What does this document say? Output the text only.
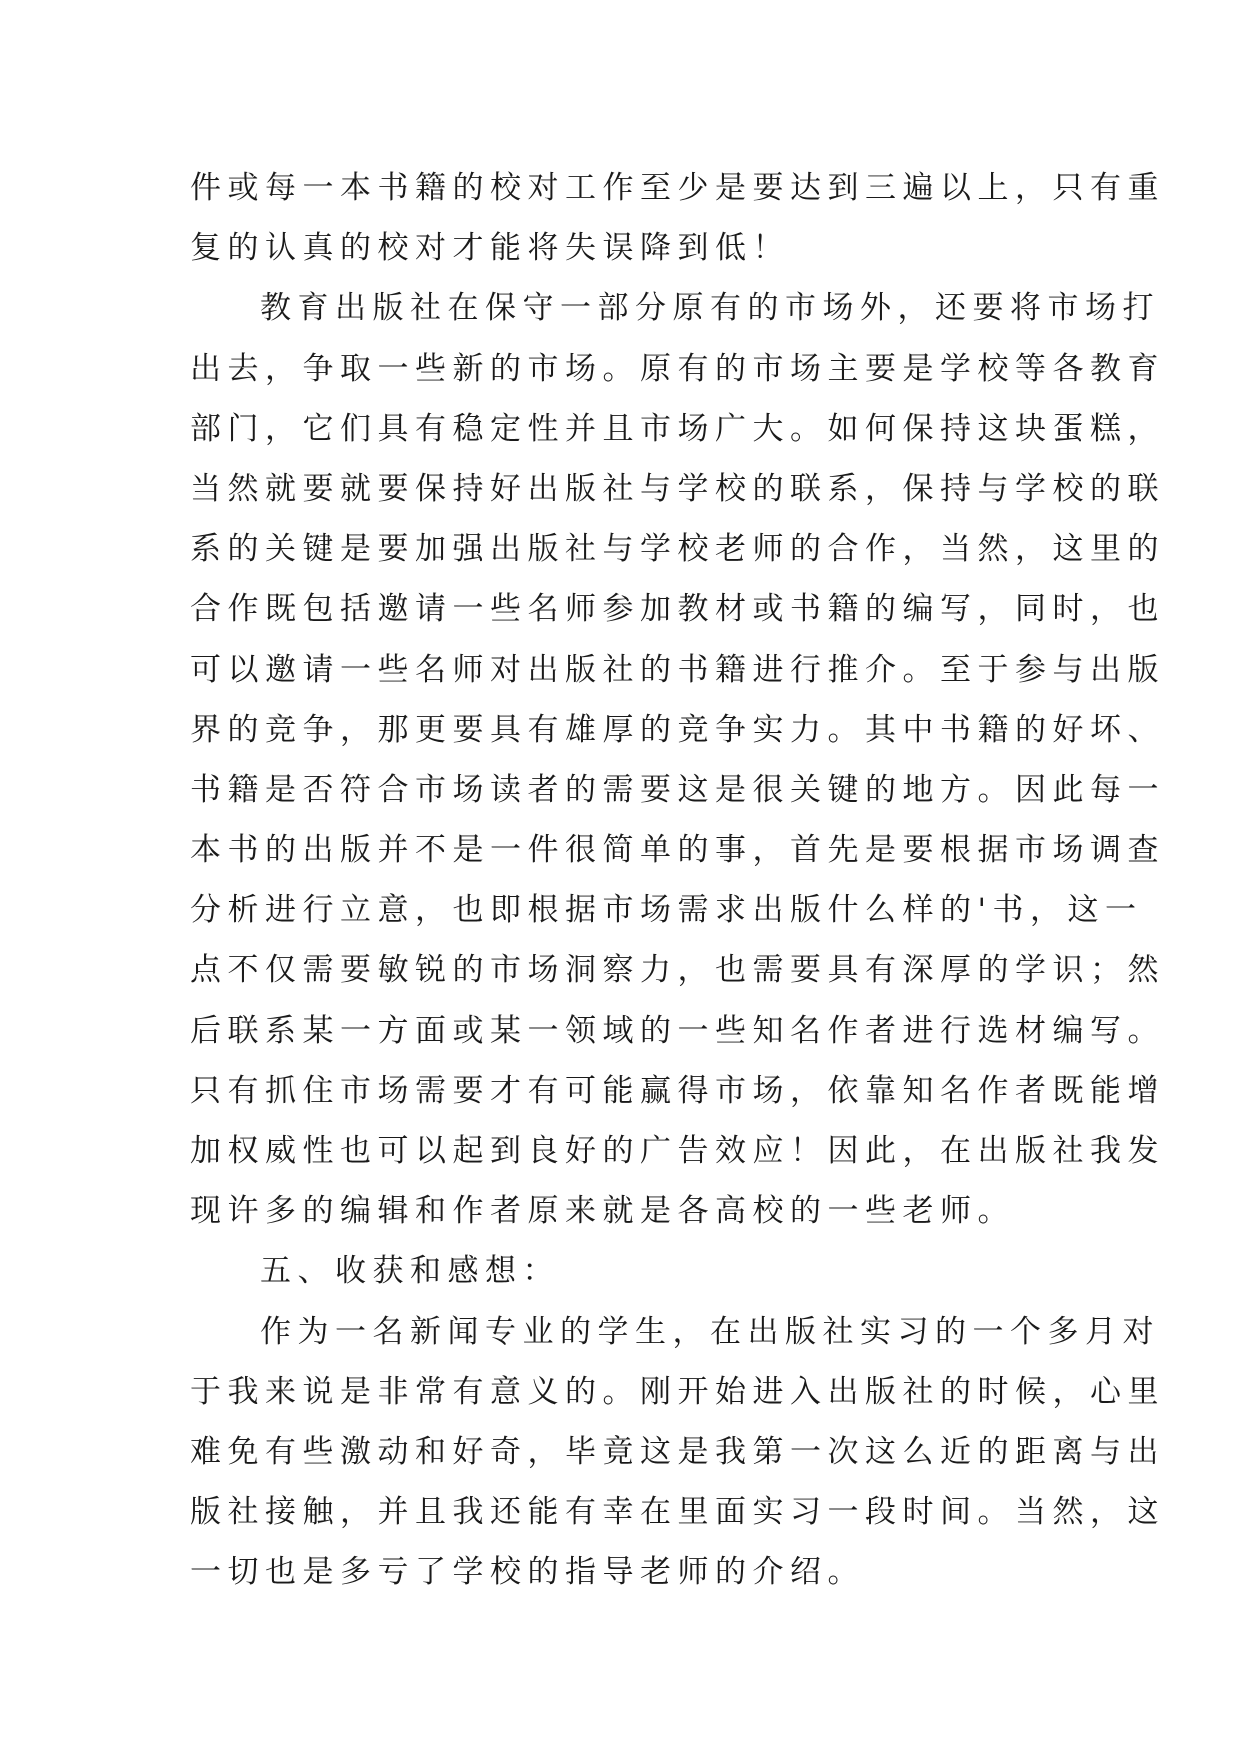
件或每一本书籍的校对工作至少是要达到三遍以上，只有重
复的认真的校对才能将失误降到低！
教育出版社在保守一部分原有的市场外，还要将市场打
出去，争取一些新的市场。原有的市场主要是学校等各教育
部门，它们具有稳定性并且市场广大。如何保持这块蛋糕，
当然就要就要保持好出版社与学校的联系，保持与学校的联
系的关键是要加强出版社与学校老师的合作，当然，这里的
合作既包括邀请一些名师参加教材或书籍的编写，同时，也
可以邀请一些名师对出版社的书籍进行推介。至于参与出版
界的竞争，那更要具有雄厚的竞争实力。其中书籍的好坏、
书籍是否符合市场读者的需要这是很关键的地方。因此每一
本书的出版并不是一件很简单的事，首先是要根据市场调查
分析进行立意，也即根据市场需求出版什么样的'书，这一
点不仅需要敏锐的市场洞察力，也需要具有深厚的学识；然
后联系某一方面或某一领域的一些知名作者进行选材编写。
只有抓住市场需要才有可能赢得市场，依靠知名作者既能增
加权威性也可以起到良好的广告效应！因此，在出版社我发
现许多的编辑和作者原来就是各高校的一些老师。
五、收获和感想：
作为一名新闻专业的学生，在出版社实习的一个多月对
于我来说是非常有意义的。刚开始进入出版社的时候，心里
难免有些激动和好奇，毕竟这是我第一次这么近的距离与出
版社接触，并且我还能有幸在里面实习一段时间。当然，这
一切也是多亏了学校的指导老师的介绍。
